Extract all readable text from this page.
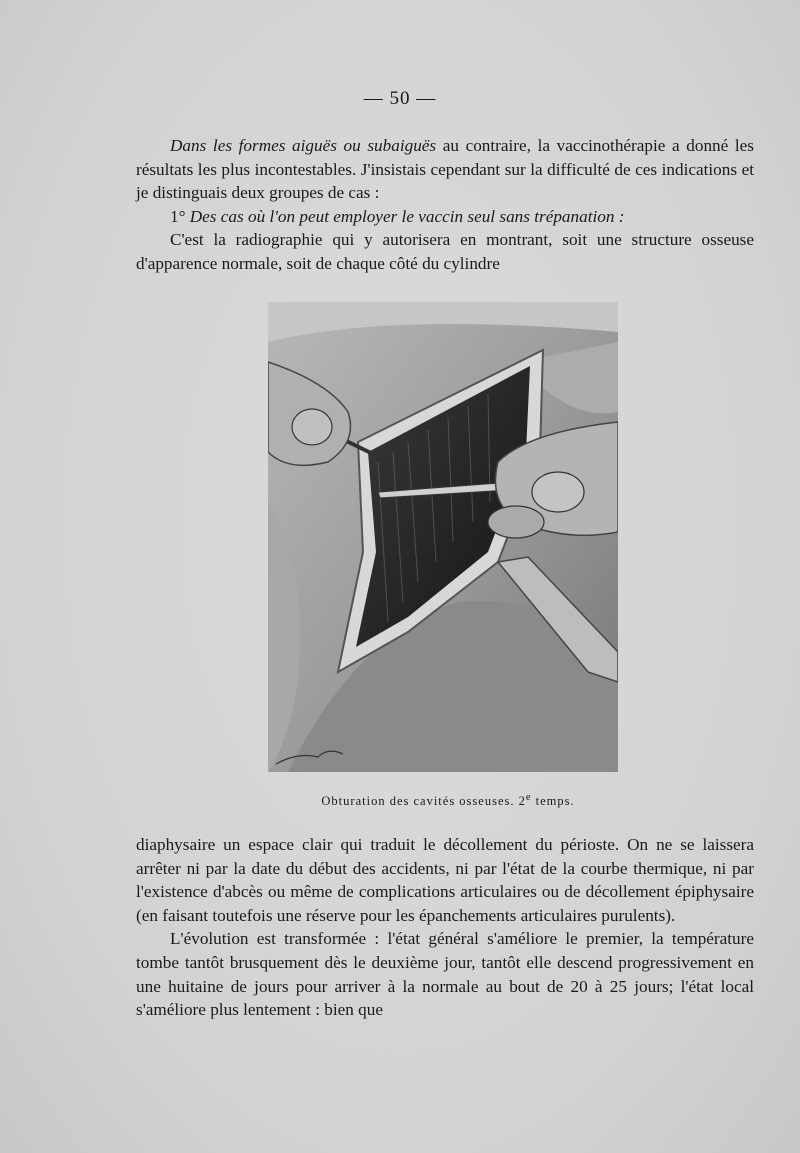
— 50 —

Dans les formes aiguës ou subaiguës au contraire, la vaccinothérapie a donné les résultats les plus incontestables. J'insistais cependant sur la difficulté de ces indications et je distinguais deux groupes de cas :

1° Des cas où l'on peut employer le vaccin seul sans trépanation :

C'est la radiographie qui y autorisera en montrant, soit une structure osseuse d'apparence normale, soit de chaque côté du cylindre

Obturation des cavités osseuses. 2e temps.

diaphysaire un espace clair qui traduit le décollement du périoste. On ne se laissera arrêter ni par la date du début des accidents, ni par l'état de la courbe thermique, ni par l'existence d'abcès ou même de complications articulaires ou de décollement épiphysaire (en faisant toutefois une réserve pour les épanchements articulaires purulents).

L'évolution est transformée : l'état général s'améliore le premier, la température tombe tantôt brusquement dès le deuxième jour, tantôt elle descend progressivement en une huitaine de jours pour arriver à la normale au bout de 20 à 25 jours; l'état local s'améliore plus lentement : bien que
